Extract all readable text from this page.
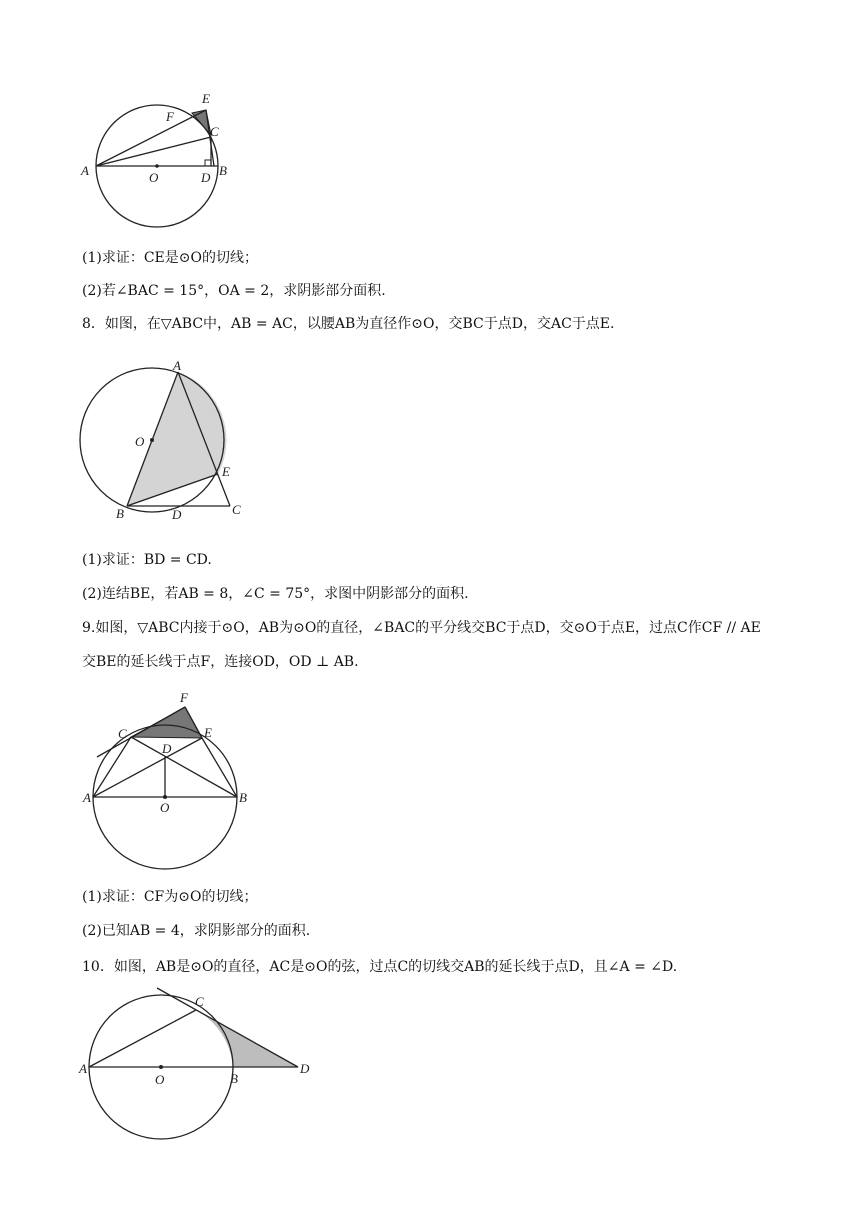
E
F
C
A	O	D B
(1)求证：CE是⊙O的切线；
(2)若∠BAC = 15°，OA = 2，求阴影部分面积.
8．如图，在▽ABC中，AB = AC，以腰AB为直径作⊙O，交BC于点D，交AC于点E.
A
O
E
B	D	C
(1)求证：BD = CD.
(2)连结BE，若AB = 8，∠C = 75°，求图中阴影部分的面积.
9.如图，▽ABC内接于⊙O，AB为⊙O的直径，∠BAC的平分线交BC于点D，交⊙O于点E，过点C作CF // AE
交BE的延长线于点F，连接OD，OD ⊥ AB.
F
C
D
E
A
O
B
(1)求证：CF为⊙O的切线；
(2)已知AB = 4，求阴影部分的面积.
10．如图，AB是⊙O的直径，AC是⊙O的弦，过点C的切线交AB的延长线于点D，且∠A = ∠D.
C
A
O	B
D
